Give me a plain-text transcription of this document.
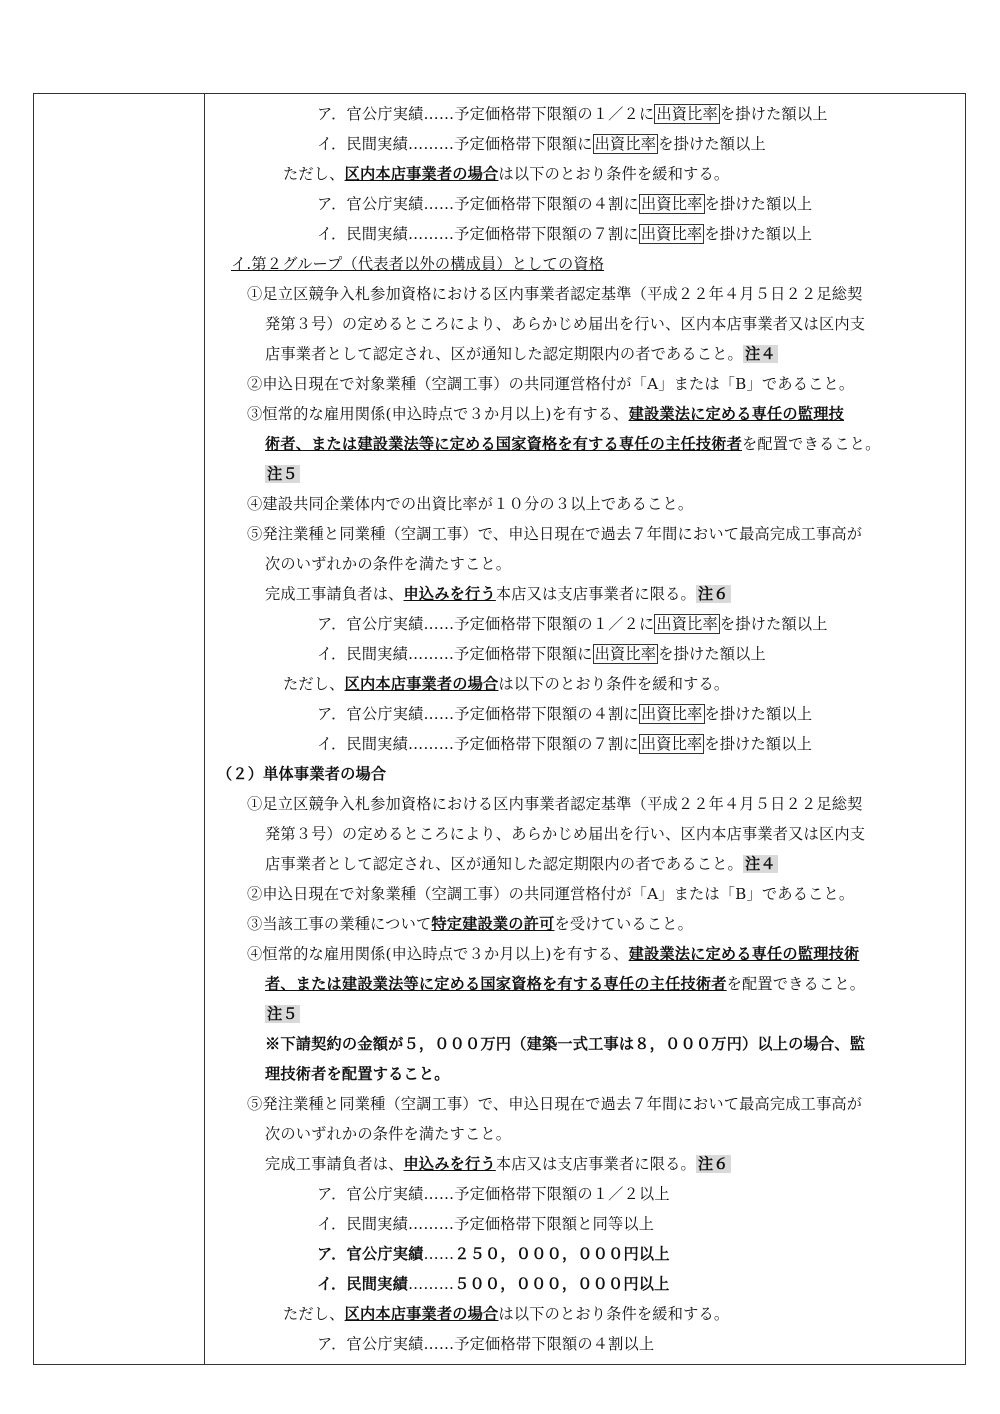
ア．官公庁実績……予定価格帯下限額の１／２に 出資比率 を掛けた額以上
イ．民間実績………予定価格帯下限額に 出資比率 を掛けた額以上
ただし、区内本店事業者の場合は以下のとおり条件を緩和する。
ア．官公庁実績……予定価格帯下限額の４割に 出資比率 を掛けた額以上
イ．民間実績………予定価格帯下限額の７割に 出資比率 を掛けた額以上
イ.第２グループ（代表者以外の構成員）としての資格
①足立区競争入札参加資格における区内事業者認定基準（平成２２年４月５日２２足総契
発第３号）の定めるところにより、あらかじめ届出を行い、区内本店事業者又は区内支
店事業者として認定され、区が通知した認定期限内の者であること。 注４
②申込日現在で対象業種（空調工事）の共同運営格付が「A」または「B」であること。
③恒常的な雇用関係(申込時点で３か月以上)を有する、建設業法に定める専任の監理技
術者、または建設業法等に定める国家資格を有する専任の主任技術者を配置できること。
注５
④建設共同企業体内での出資比率が１０分の３以上であること。
⑤発注業種と同業種（空調工事）で、申込日現在で過去７年間において最高完成工事高が
次のいずれかの条件を満たすこと。
完成工事請負者は、申込みを行う本店又は支店事業者に限る。 注６
ア．官公庁実績……予定価格帯下限額の１／２に 出資比率 を掛けた額以上
イ．民間実績………予定価格帯下限額に 出資比率 を掛けた額以上
ただし、区内本店事業者の場合は以下のとおり条件を緩和する。
ア．官公庁実績……予定価格帯下限額の４割に 出資比率 を掛けた額以上
イ．民間実績………予定価格帯下限額の７割に 出資比率 を掛けた額以上
（２）単体事業者の場合
①足立区競争入札参加資格における区内事業者認定基準（平成２２年４月５日２２足総契
発第３号）の定めるところにより、あらかじめ届出を行い、区内本店事業者又は区内支
店事業者として認定され、区が通知した認定期限内の者であること。 注４
②申込日現在で対象業種（空調工事）の共同運営格付が「A」または「B」であること。
③当該工事の業種について特定建設業の許可を受けていること。
④恒常的な雇用関係(申込時点で３か月以上)を有する、建設業法に定める専任の監理技術
者、または建設業法等に定める国家資格を有する専任の主任技術者を配置できること。
注５
※下請契約の金額が５，０００万円（建築一式工事は８，０００万円）以上の場合、監
理技術者を配置すること。
⑤発注業種と同業種（空調工事）で、申込日現在で過去７年間において最高完成工事高が
次のいずれかの条件を満たすこと。
完成工事請負者は、申込みを行う本店又は支店事業者に限る。 注６
ア．官公庁実績……予定価格帯下限額の１／２以上
イ．民間実績………予定価格帯下限額と同等以上
ア．官公庁実績……２５０，０００，０００円以上
イ．民間実績………５００，０００，０００円以上
ただし、区内本店事業者の場合は以下のとおり条件を緩和する。
ア．官公庁実績……予定価格帯下限額の４割以上
